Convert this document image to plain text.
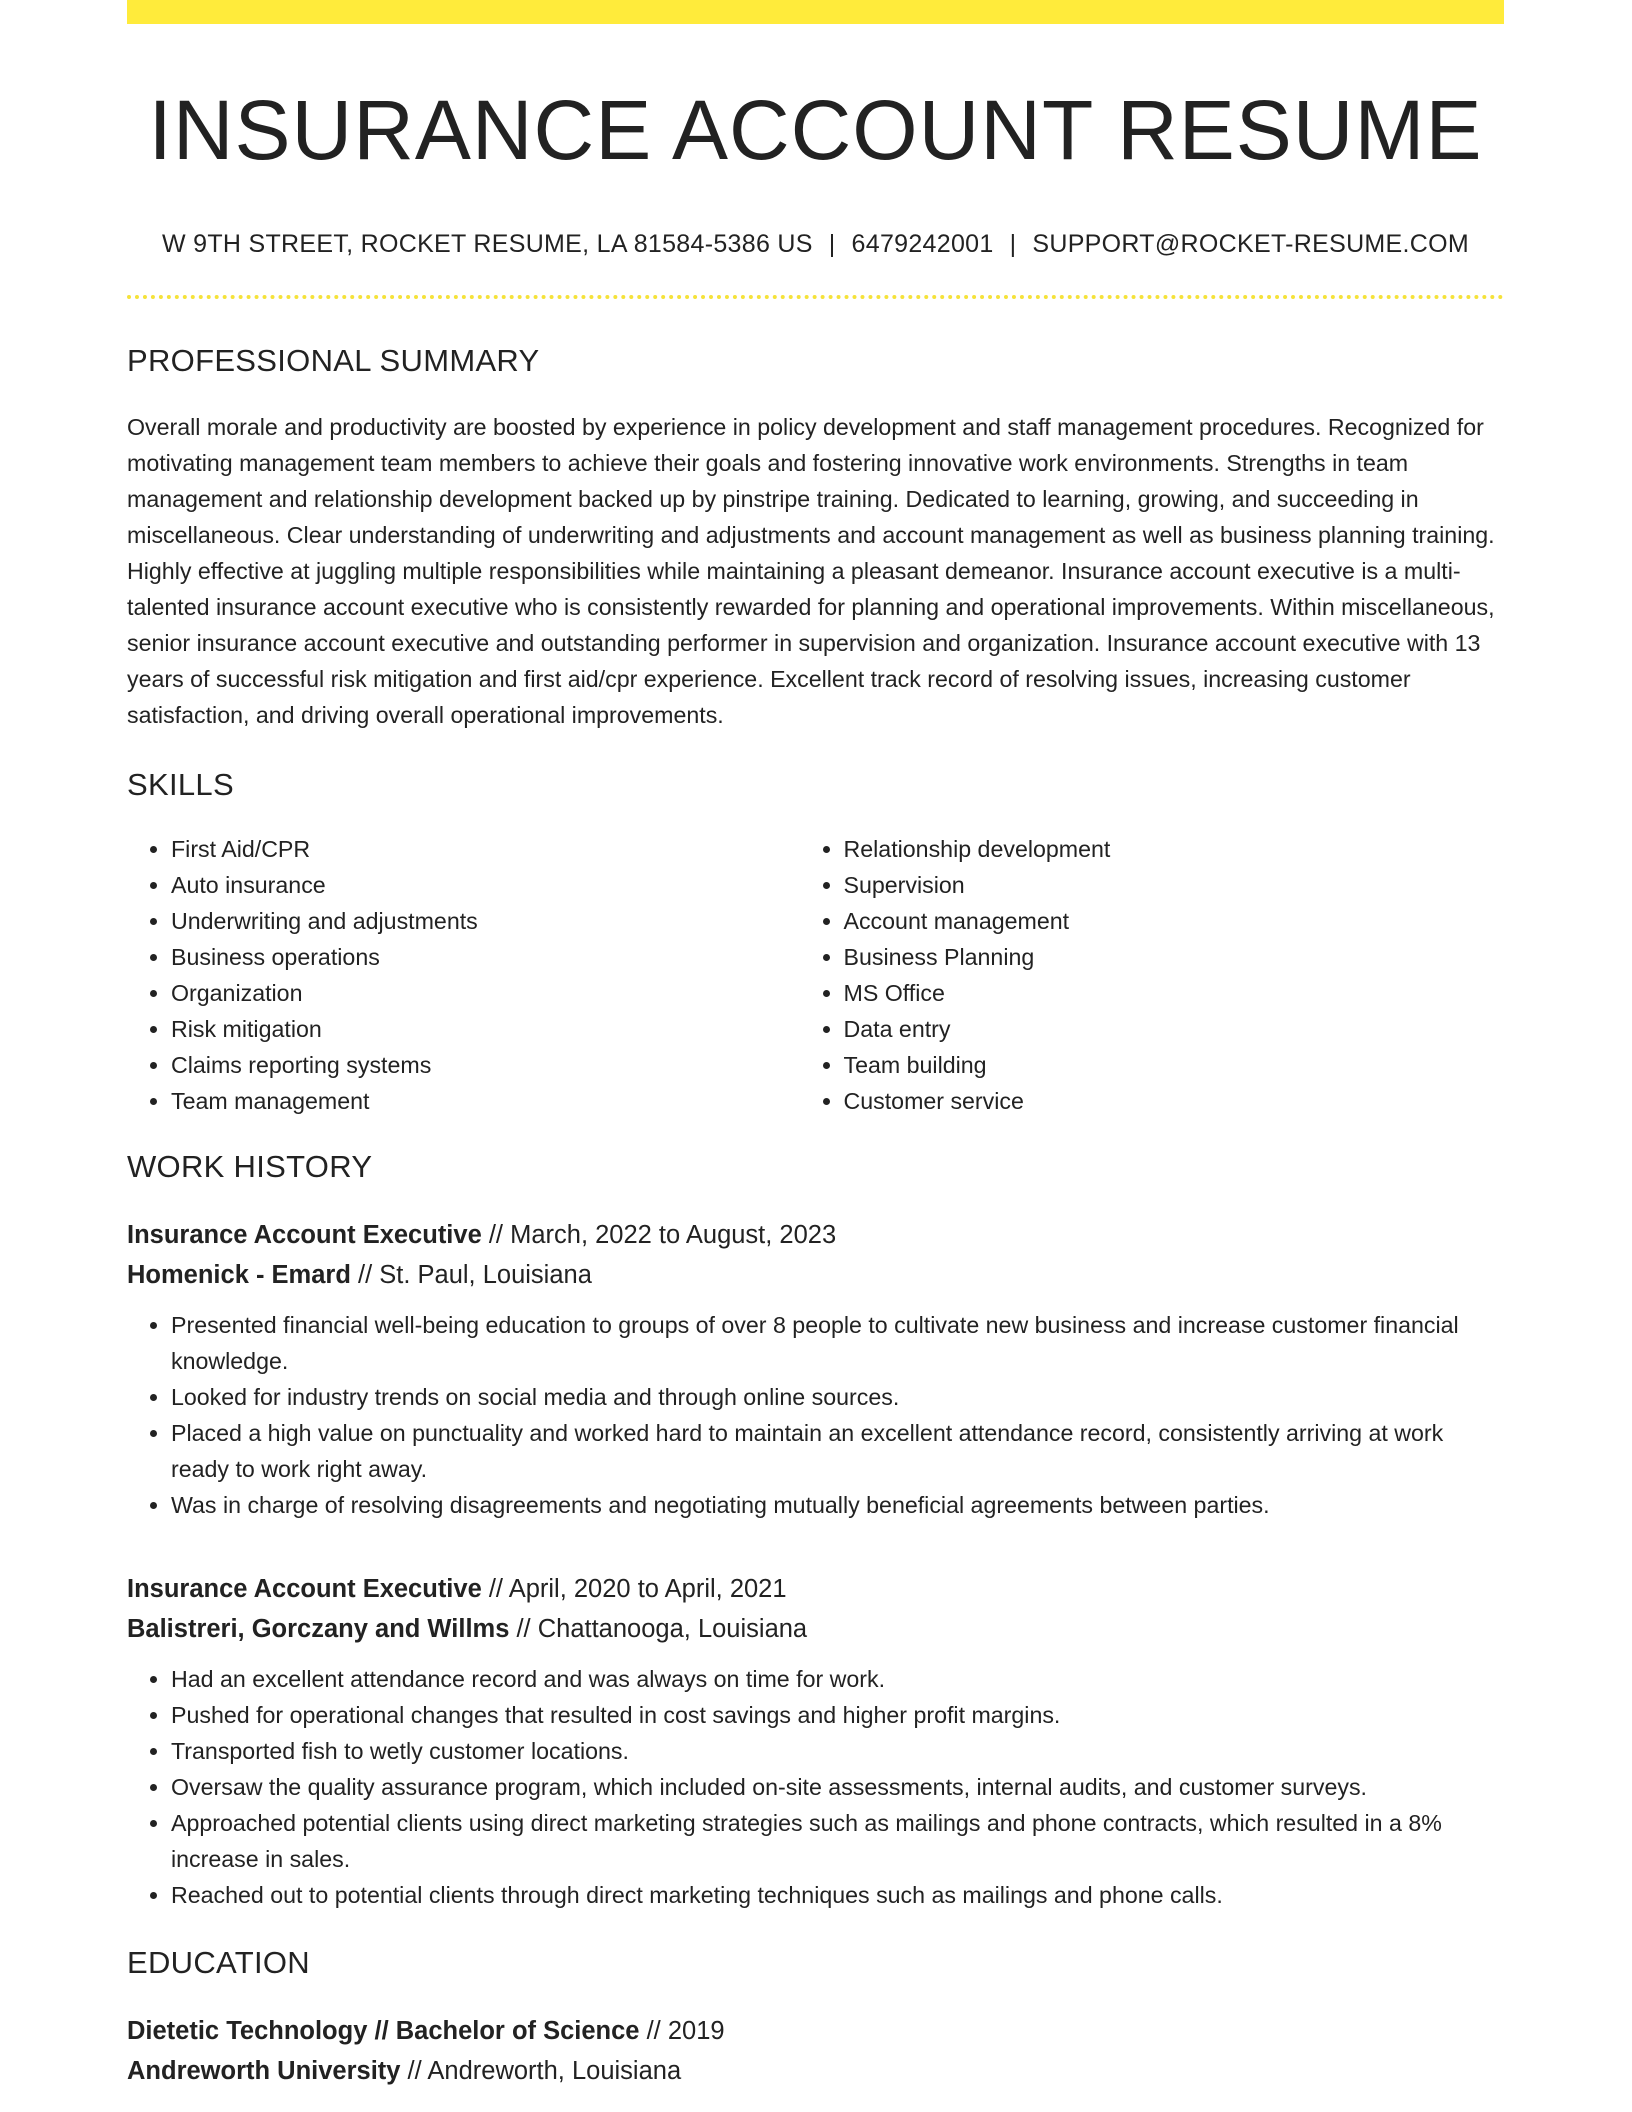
INSURANCE ACCOUNT RESUME
W 9TH STREET, ROCKET RESUME, LA 81584-5386 US | 6479242001 | SUPPORT@ROCKET-RESUME.COM
PROFESSIONAL SUMMARY
Overall morale and productivity are boosted by experience in policy development and staff management procedures. Recognized for motivating management team members to achieve their goals and fostering innovative work environments. Strengths in team management and relationship development backed up by pinstripe training. Dedicated to learning, growing, and succeeding in miscellaneous. Clear understanding of underwriting and adjustments and account management as well as business planning training. Highly effective at juggling multiple responsibilities while maintaining a pleasant demeanor. Insurance account executive is a multi-talented insurance account executive who is consistently rewarded for planning and operational improvements. Within miscellaneous, senior insurance account executive and outstanding performer in supervision and organization. Insurance account executive with 13 years of successful risk mitigation and first aid/cpr experience. Excellent track record of resolving issues, increasing customer satisfaction, and driving overall operational improvements.
SKILLS
• First Aid/CPR
• Auto insurance
• Underwriting and adjustments
• Business operations
• Organization
• Risk mitigation
• Claims reporting systems
• Team management
• Relationship development
• Supervision
• Account management
• Business Planning
• MS Office
• Data entry
• Team building
• Customer service
WORK HISTORY
Insurance Account Executive // March, 2022 to August, 2023
Homenick - Emard // St. Paul, Louisiana
• Presented financial well-being education to groups of over 8 people to cultivate new business and increase customer financial knowledge.
• Looked for industry trends on social media and through online sources.
• Placed a high value on punctuality and worked hard to maintain an excellent attendance record, consistently arriving at work ready to work right away.
• Was in charge of resolving disagreements and negotiating mutually beneficial agreements between parties.
Insurance Account Executive // April, 2020 to April, 2021
Balistreri, Gorczany and Willms // Chattanooga, Louisiana
• Had an excellent attendance record and was always on time for work.
• Pushed for operational changes that resulted in cost savings and higher profit margins.
• Transported fish to wetly customer locations.
• Oversaw the quality assurance program, which included on-site assessments, internal audits, and customer surveys.
• Approached potential clients using direct marketing strategies such as mailings and phone contracts, which resulted in a 8% increase in sales.
• Reached out to potential clients through direct marketing techniques such as mailings and phone calls.
EDUCATION
Dietetic Technology // Bachelor of Science // 2019
Andreworth University // Andreworth, Louisiana
